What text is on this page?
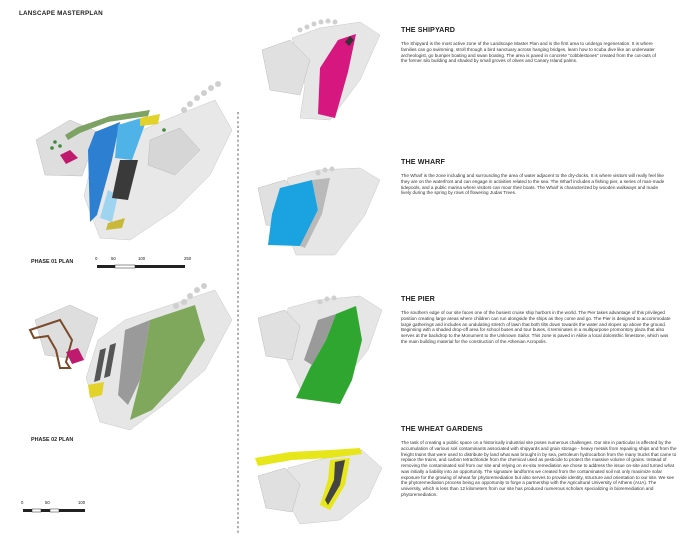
LANSCAPE MASTERPLAN
PHASE 01 PLAN
0	50	100	250
PHASE 02 PLAN
0	50	100
THE SHIPYARD
The Shipyard is the most active zone of the Landscape Master Plan and is the first area to undergo regeneration. It is where families can go swimming, stroll through a bird sanctuary across hanging bridges, learn how to scuba dive like an underwater archeologist, go bumper boating and swan boating. The area is paved in concrete "cobblestones" created from the cut-outs of the former silo building and shaded by small groves of olives and Canary Island palms.
THE WHARF
The Wharf is the zone including and surrounding the area of water adjacent to the dry-docks. It is where visitors will really feel like they are on the waterfront and can engage in activities related to the sea. The Wharf includes a fishing pier, a series of man-made tidepools, and a public marina where visitors can moor their boats. The Wharf is characterized by wooden walkways and made lively during the spring by rows of flowering Judas Trees.
THE PIER
The southern edge of our site faces one of the busiest cruise ship harbors in the world. The Pier takes advantage of this privileged position creating large areas where children can run alongside the ships as they come and go. The Pier is designed to accommodate large gatherings and includes an undulating stretch of lawn that both tilts down towards the water and slopes up above the ground. Beginning with a shaded drop-off area for school buses and tour buses, it terminates in a multipurpose promontory plaza that also serves at the backdrop to the Monument to the Unknown Sailor. This zone is paved in Akitie a local dolomithic limestone, which was the main building material for the construction of the Athenian Acropolis.
THE WHEAT GARDENS
The task of creating a public space on a historically industrial site poses numerous challenges. Our site in particular is affected by the accumulation of various soil contaminants associated with shipyards and grain storage - heavy metals from repairing ships and from the freight trains that were used to distribute by land what was brought in by sea, petroleum hydrocarbon from the many trucks that came to replace the trains, and carbon tetrachloride from the chemical used as pesticide to protect the massive volume of grains. Instead of removing the contaminated soil from our site and relying on ex-situ remediation we chose to address the issue on-site and turned what was initially a liability into an opportunity. The signature landforms we created from the contaminated soil not only maximize solar exposure for the growing of wheat for phytoremediation but also serves to provide identity, structure and orientation to our site. We see the phytoremediation process being an opportunity to forge a partnership with the Agricultural University of Athens (AUA). The university, which is less than 12 kilometers from our site has produced numerous scholars specializing in bioremediation and phytoremediation.
